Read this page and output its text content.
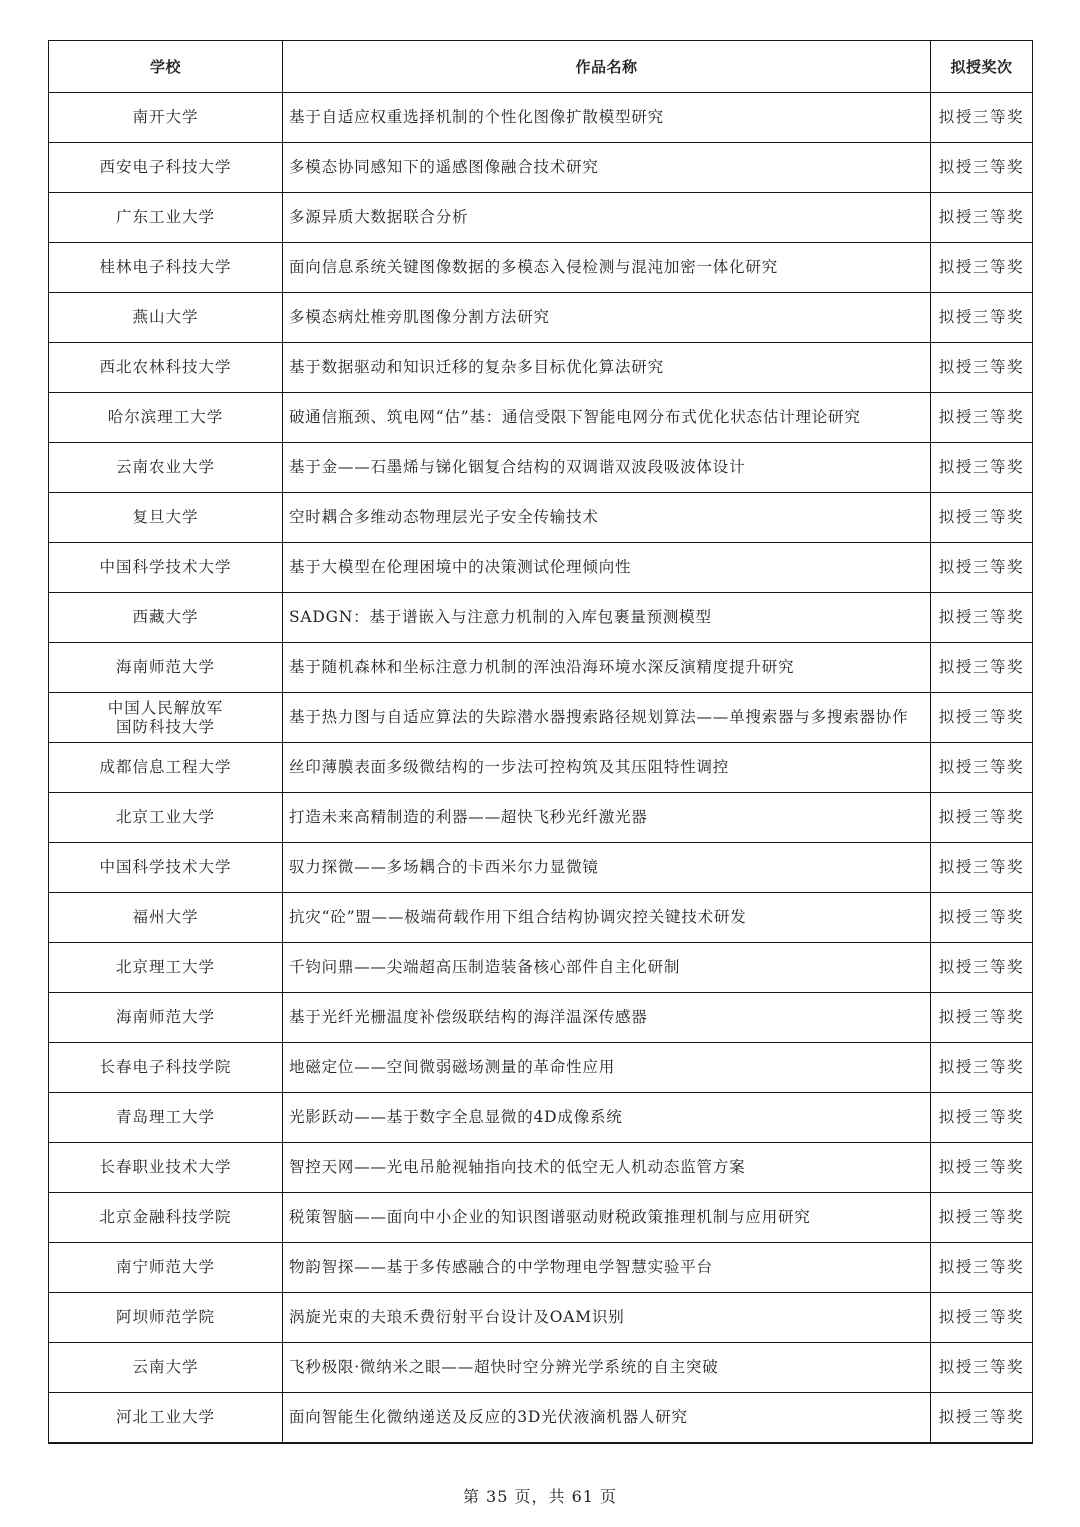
学校	作品名称	拟授奖次
南开大学	基于自适应权重选择机制的个性化图像扩散模型研究	拟授三等奖
西安电子科技大学	多模态协同感知下的遥感图像融合技术研究	拟授三等奖
广东工业大学	多源异质大数据联合分析	拟授三等奖
桂林电子科技大学	面向信息系统关键图像数据的多模态入侵检测与混沌加密一体化研究	拟授三等奖
燕山大学	多模态病灶椎旁肌图像分割方法研究	拟授三等奖
西北农林科技大学	基于数据驱动和知识迁移的复杂多目标优化算法研究	拟授三等奖
哈尔滨理工大学	破通信瓶颈、筑电网“估”基：通信受限下智能电网分布式优化状态估计理论研究	拟授三等奖
云南农业大学	基于金——石墨烯与锑化铟复合结构的双调谐双波段吸波体设计	拟授三等奖
复旦大学	空时耦合多维动态物理层光子安全传输技术	拟授三等奖
中国科学技术大学	基于大模型在伦理困境中的决策测试伦理倾向性	拟授三等奖
西藏大学	SADGN：基于谱嵌入与注意力机制的入库包裹量预测模型	拟授三等奖
海南师范大学	基于随机森林和坐标注意力机制的浑浊沿海环境水深反演精度提升研究	拟授三等奖

中国人民解放军
国防科技大学	基于热力图与自适应算法的失踪潜水器搜索路径规划算法——单搜索器与多搜索器协作	拟授三等奖
成都信息工程大学	丝印薄膜表面多级微结构的一步法可控构筑及其压阻特性调控	拟授三等奖
北京工业大学	打造未来高精制造的利器——超快飞秒光纤激光器	拟授三等奖
中国科学技术大学	驭力探微——多场耦合的卡西米尔力显微镜	拟授三等奖
福州大学	抗灾“砼”盟——极端荷载作用下组合结构协调灾控关键技术研发	拟授三等奖
北京理工大学	千钧问鼎——尖端超高压制造装备核心部件自主化研制	拟授三等奖
海南师范大学	基于光纤光栅温度补偿级联结构的海洋温深传感器	拟授三等奖
长春电子科技学院	地磁定位——空间微弱磁场测量的革命性应用	拟授三等奖
青岛理工大学	光影跃动——基于数字全息显微的4D成像系统	拟授三等奖
长春职业技术大学	智控天网——光电吊舱视轴指向技术的低空无人机动态监管方案	拟授三等奖
北京金融科技学院	税策智脑——面向中小企业的知识图谱驱动财税政策推理机制与应用研究	拟授三等奖
南宁师范大学	物韵智探——基于多传感融合的中学物理电学智慧实验平台	拟授三等奖
阿坝师范学院	涡旋光束的夫琅禾费衍射平台设计及OAM识别	拟授三等奖
云南大学	飞秒极限·微纳米之眼——超快时空分辨光学系统的自主突破	拟授三等奖
河北工业大学	面向智能生化微纳递送及反应的3D光伏液滴机器人研究	拟授三等奖
第 35 页，共 61 页
